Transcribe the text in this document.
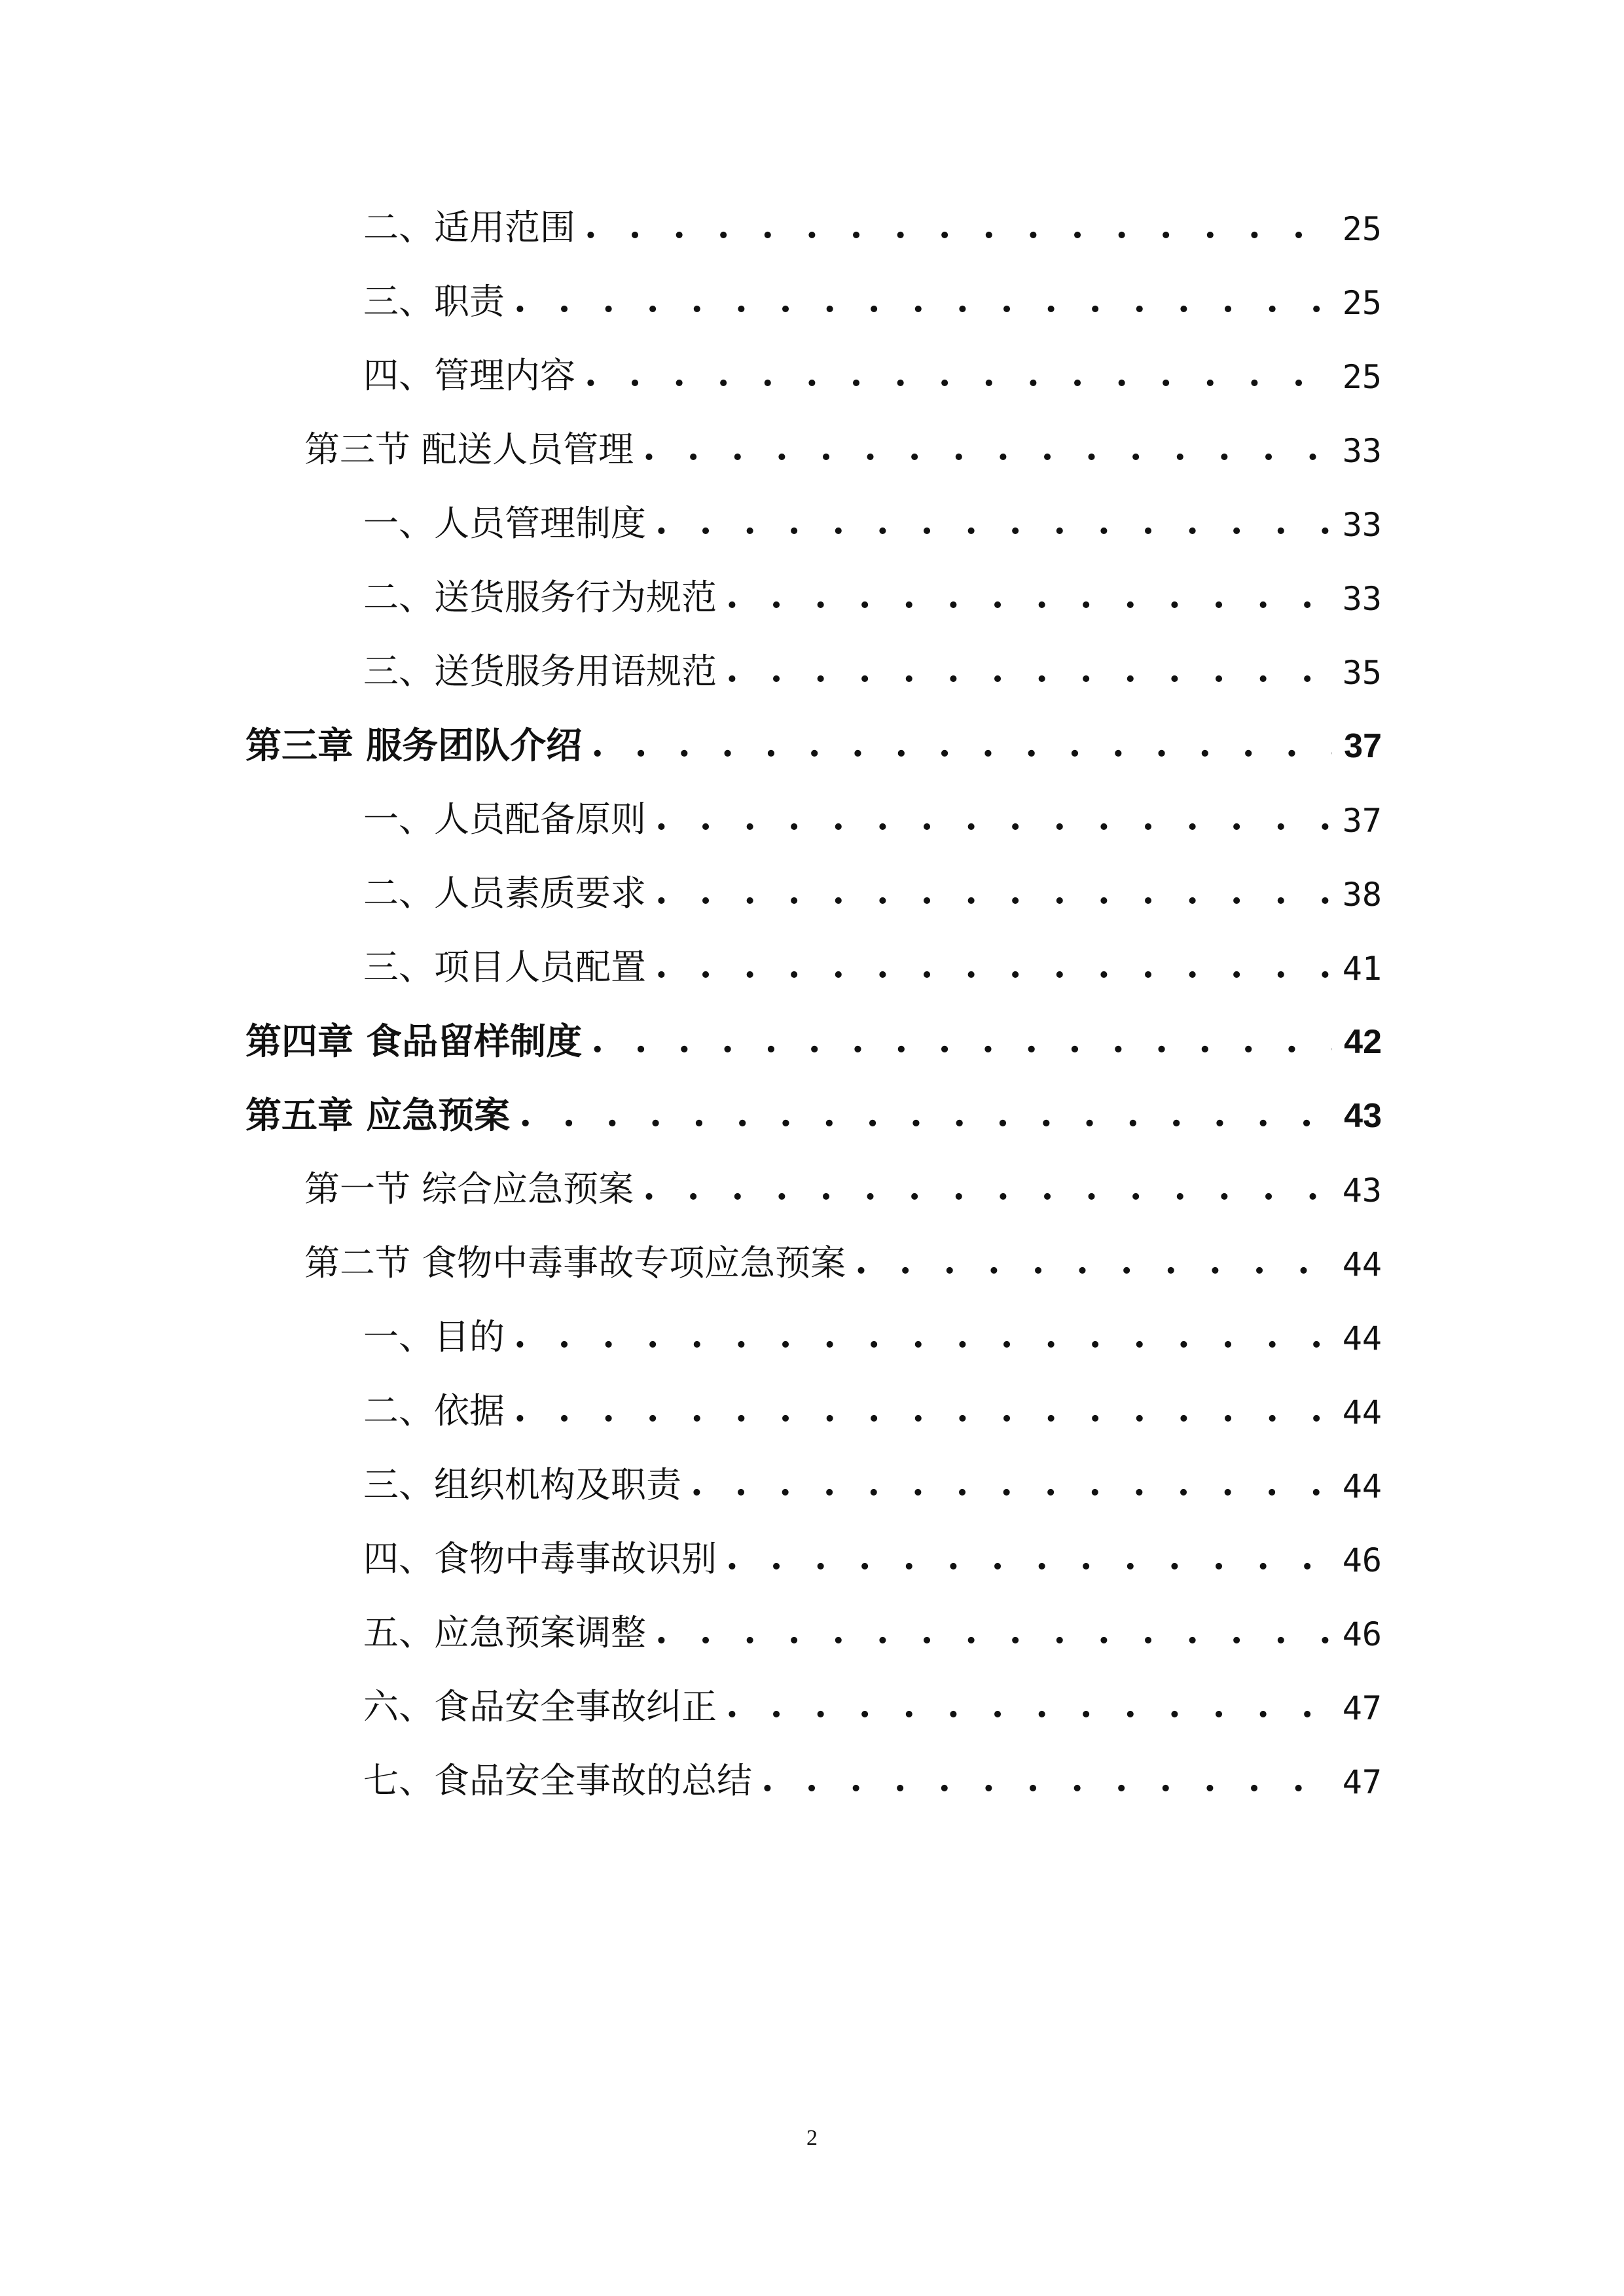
二、适用范围 . . .	25
三、职责 . . .	25
四、管理内容 . . .	25
第三节 配送人员管理 . . .	33
一、人员管理制度 . . .	33
二、送货服务行为规范 . . .	33
三、送货服务用语规范 . . .	35
第三章 服务团队介绍 . . .	37
一、人员配备原则 . . .	37
二、人员素质要求 . . .	38
三、项目人员配置 . . .	41
第四章 食品留样制度 . . .	42
第五章 应急预案 . . .	43
第一节 综合应急预案 . . .	43
第二节 食物中毒事故专项应急预案 . . .	44
一、目的 . . .	44
二、依据 . . .	44
三、组织机构及职责 . . .	44
四、食物中毒事故识别 . . .	46
五、应急预案调整 . . .	46
六、食品安全事故纠正 . . .	47
七、食品安全事故的总结 . . .	47
2
